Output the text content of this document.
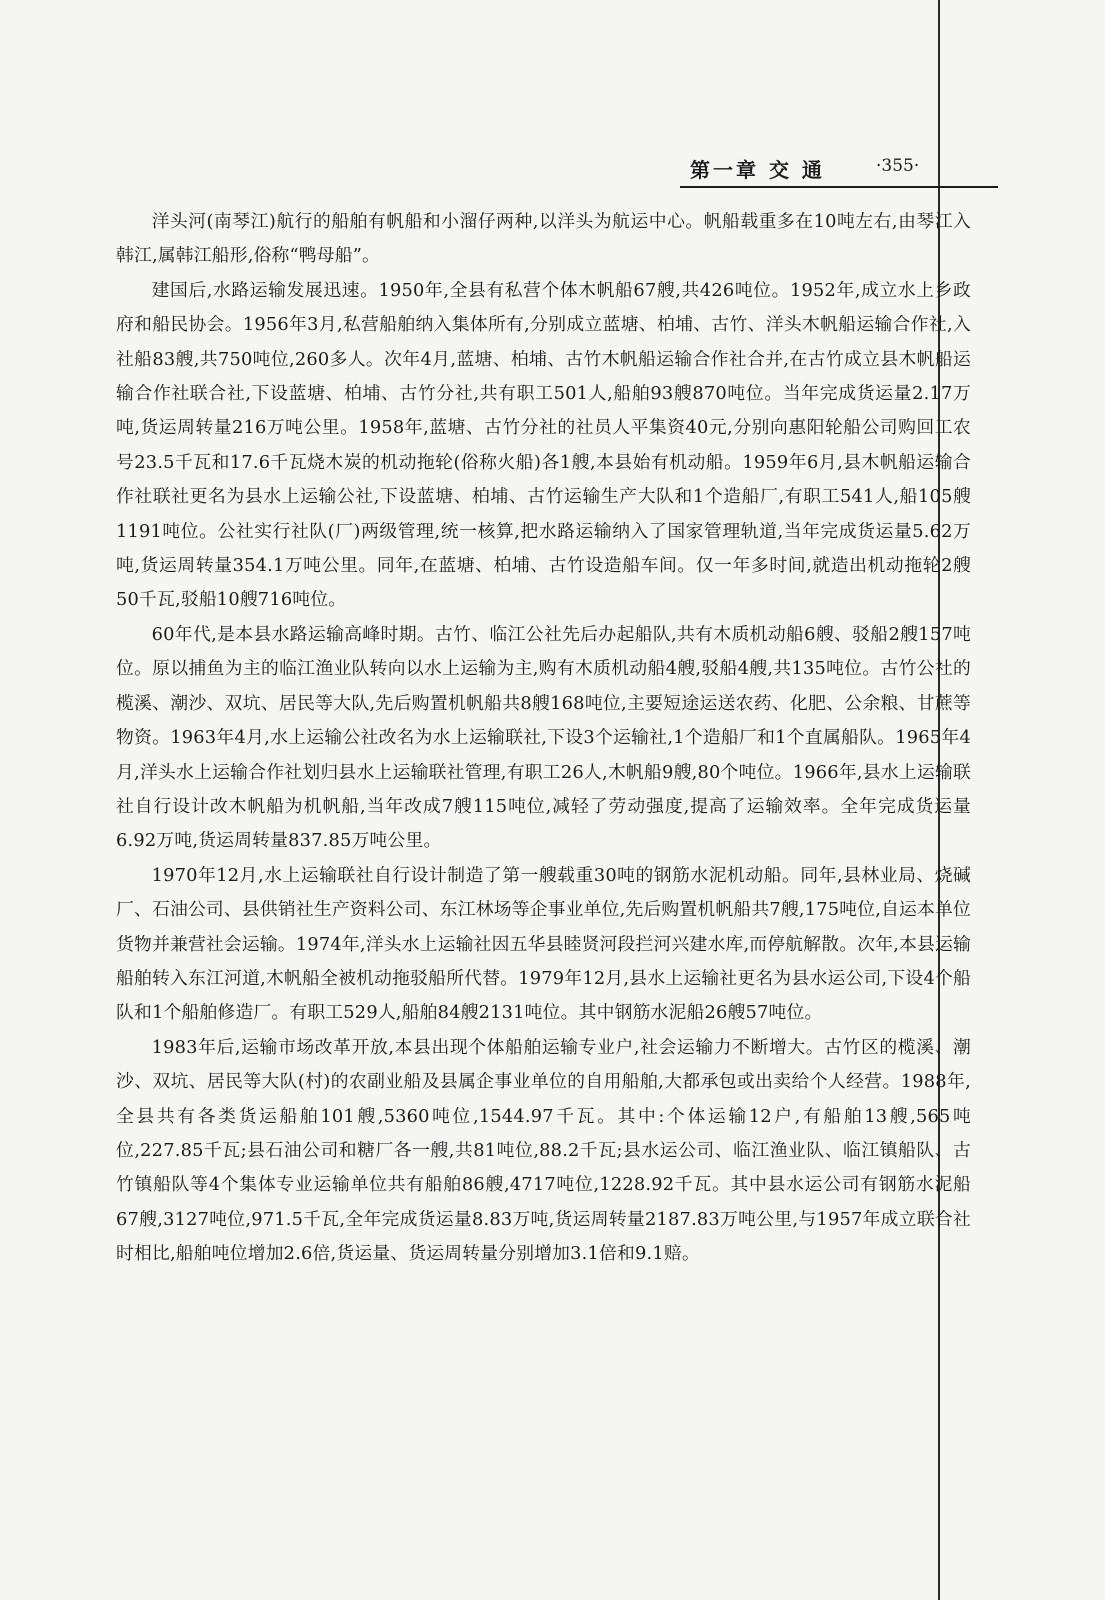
第一章 交 通	·355·

洋头河(南琴江)航行的船舶有帆船和小溜仔两种,以洋头为航运中心。帆船载重多在10吨左右,由琴江入韩江,属韩江船形,俗称“鸭母船”。

建国后,水路运输发展迅速。1950年,全县有私营个体木帆船67艘,共426吨位。1952年,成立水上乡政府和船民协会。1956年3月,私营船舶纳入集体所有,分别成立蓝塘、柏埔、古竹、洋头木帆船运输合作社,入社船83艘,共750吨位,260多人。次年4月,蓝塘、柏埔、古竹木帆船运输合作社合并,在古竹成立县木帆船运输合作社联合社,下设蓝塘、柏埔、古竹分社,共有职工501人,船舶93艘870吨位。当年完成货运量2.17万吨,货运周转量216万吨公里。1958年,蓝塘、古竹分社的社员人平集资40元,分别向惠阳轮船公司购回工农号23.5千瓦和17.6千瓦烧木炭的机动拖轮(俗称火船)各1艘,本县始有机动船。1959年6月,县木帆船运输合作社联社更名为县水上运输公社,下设蓝塘、柏埔、古竹运输生产大队和1个造船厂,有职工541人,船105艘1191吨位。公社实行社队(厂)两级管理,统一核算,把水路运输纳入了国家管理轨道,当年完成货运量5.62万吨,货运周转量354.1万吨公里。同年,在蓝塘、柏埔、古竹设造船车间。仅一年多时间,就造出机动拖轮2艘50千瓦,驳船10艘716吨位。

60年代,是本县水路运输高峰时期。古竹、临江公社先后办起船队,共有木质机动船6艘、驳船2艘157吨位。原以捕鱼为主的临江渔业队转向以水上运输为主,购有木质机动船4艘,驳船4艘,共135吨位。古竹公社的榄溪、潮沙、双坑、居民等大队,先后购置机帆船共8艘168吨位,主要短途运送农药、化肥、公余粮、甘蔗等物资。1963年4月,水上运输公社改名为水上运输联社,下设3个运输社,1个造船厂和1个直属船队。1965年4月,洋头水上运输合作社划归县水上运输联社管理,有职工26人,木帆船9艘,80个吨位。1966年,县水上运输联社自行设计改木帆船为机帆船,当年改成7艘115吨位,减轻了劳动强度,提高了运输效率。全年完成货运量6.92万吨,货运周转量837.85万吨公里。

1970年12月,水上运输联社自行设计制造了第一艘载重30吨的钢筋水泥机动船。同年,县林业局、烧碱厂、石油公司、县供销社生产资料公司、东江林场等企事业单位,先后购置机帆船共7艘,175吨位,自运本单位货物并兼营社会运输。1974年,洋头水上运输社因五华县睦贤河段拦河兴建水库,而停航解散。次年,本县运输船舶转入东江河道,木帆船全被机动拖驳船所代替。1979年12月,县水上运输社更名为县水运公司,下设4个船队和1个船舶修造厂。有职工529人,船舶84艘2131吨位。其中钢筋水泥船26艘57吨位。

1983年后,运输市场改革开放,本县出现个体船舶运输专业户,社会运输力不断增大。古竹区的榄溪、潮沙、双坑、居民等大队(村)的农副业船及县属企事业单位的自用船舶,大都承包或出卖给个人经营。1988年,全县共有各类货运船舶101艘,5360吨位,1544.97千瓦。其中:个体运输12户,有船舶13艘,565吨位,227.85千瓦;县石油公司和糖厂各一艘,共81吨位,88.2千瓦;县水运公司、临江渔业队、临江镇船队、古竹镇船队等4个集体专业运输单位共有船舶86艘,4717吨位,1228.92千瓦。其中县水运公司有钢筋水泥船67艘,3127吨位,971.5千瓦,全年完成货运量8.83万吨,货运周转量2187.83万吨公里,与1957年成立联合社时相比,船舶吨位增加2.6倍,货运量、货运周转量分别增加3.1倍和9.1赔。
